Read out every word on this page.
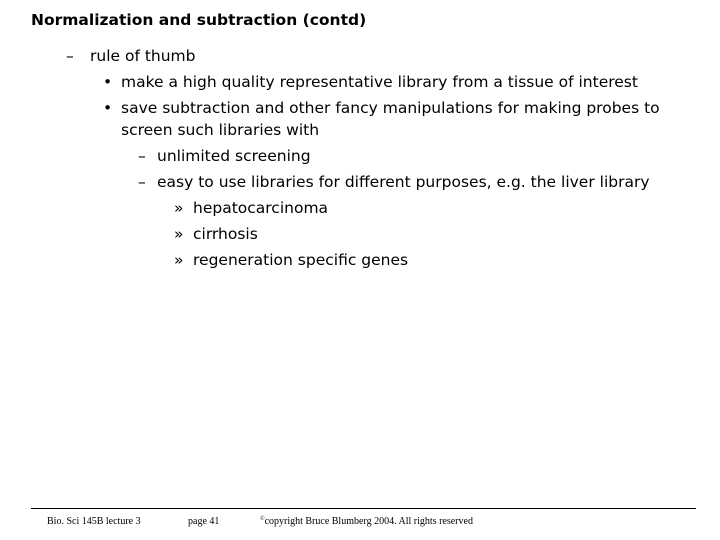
Normalization and subtraction (contd)
– rule of thumb
• make a high quality representative library from a tissue of interest
• save subtraction and other fancy manipulations for making probes to
screen such libraries with
– unlimited screening
– easy to use libraries for different purposes, e.g. the liver library
» hepatocarcinoma
» cirrhosis
» regeneration specific genes
Bio. Sci 145B lecture 3	page 41	©copyright Bruce Blumberg 2004. All rights reserved
